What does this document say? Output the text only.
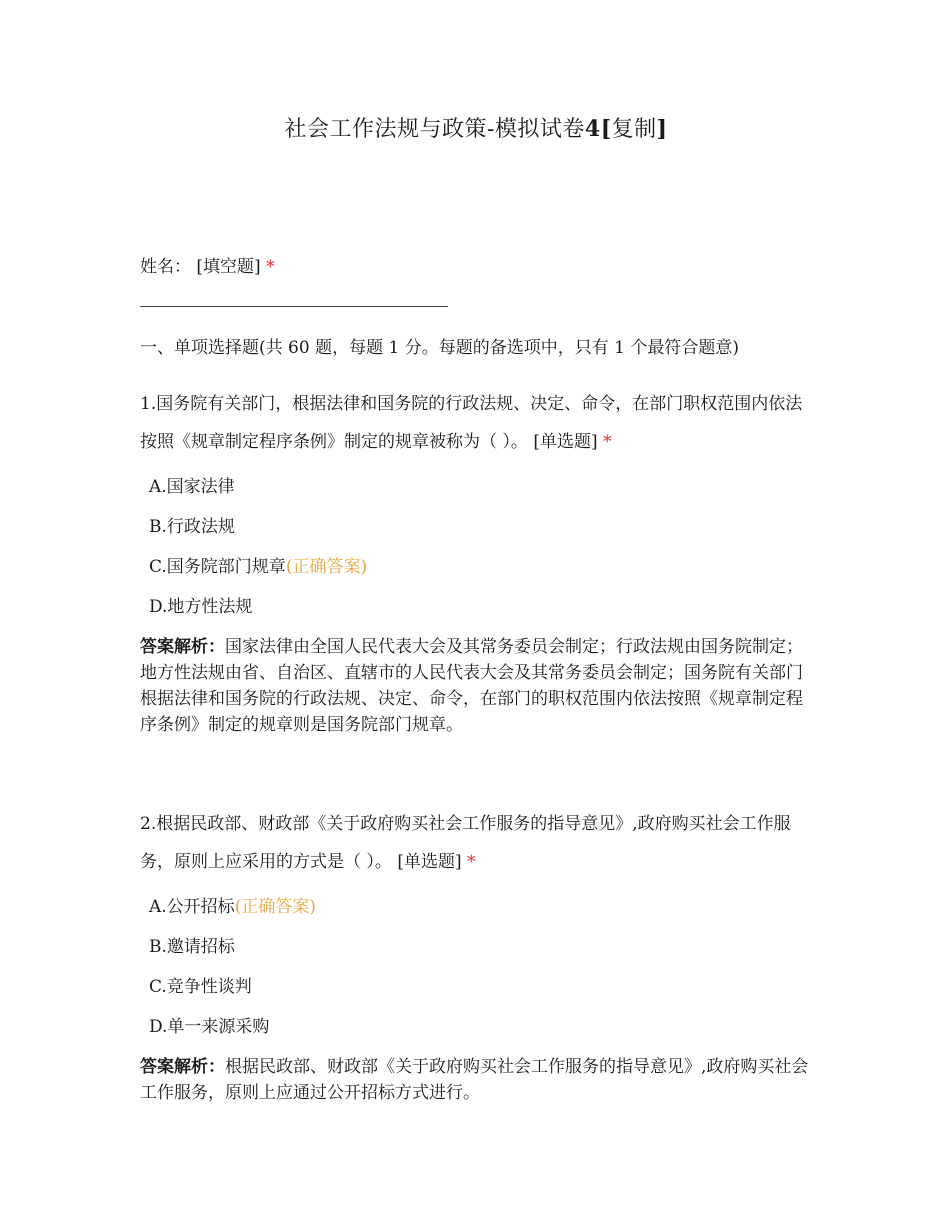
社会工作法规与政策-模拟试卷4[复制]
姓名： [填空题] *
一、单项选择题(共 60 题，每题 1 分。每题的备选项中，只有 1 个最符合题意)

1.国务院有关部门，根据法律和国务院的行政法规、决定、命令，在部门职权范围内依法按照《规章制定程序条例》制定的规章被称为（ ）。 [单选题] *

A.国家法律
B.行政法规
C.国务院部门规章(正确答案)
D.地方性法规

答案解析：国家法律由全国人民代表大会及其常务委员会制定；行政法规由国务院制定；地方性法规由省、自治区、直辖市的人民代表大会及其常务委员会制定；国务院有关部门根据法律和国务院的行政法规、决定、命令，在部门的职权范围内依法按照《规章制定程序条例》制定的规章则是国务院部门规章。

2.根据民政部、财政部《关于政府购买社会工作服务的指导意见》,政府购买社会工作服务，原则上应采用的方式是（ ）。 [单选题] *

A.公开招标(正确答案)
B.邀请招标
C.竞争性谈判
D.单一来源采购

答案解析：根据民政部、财政部《关于政府购买社会工作服务的指导意见》,政府购买社会工作服务，原则上应通过公开招标方式进行。
